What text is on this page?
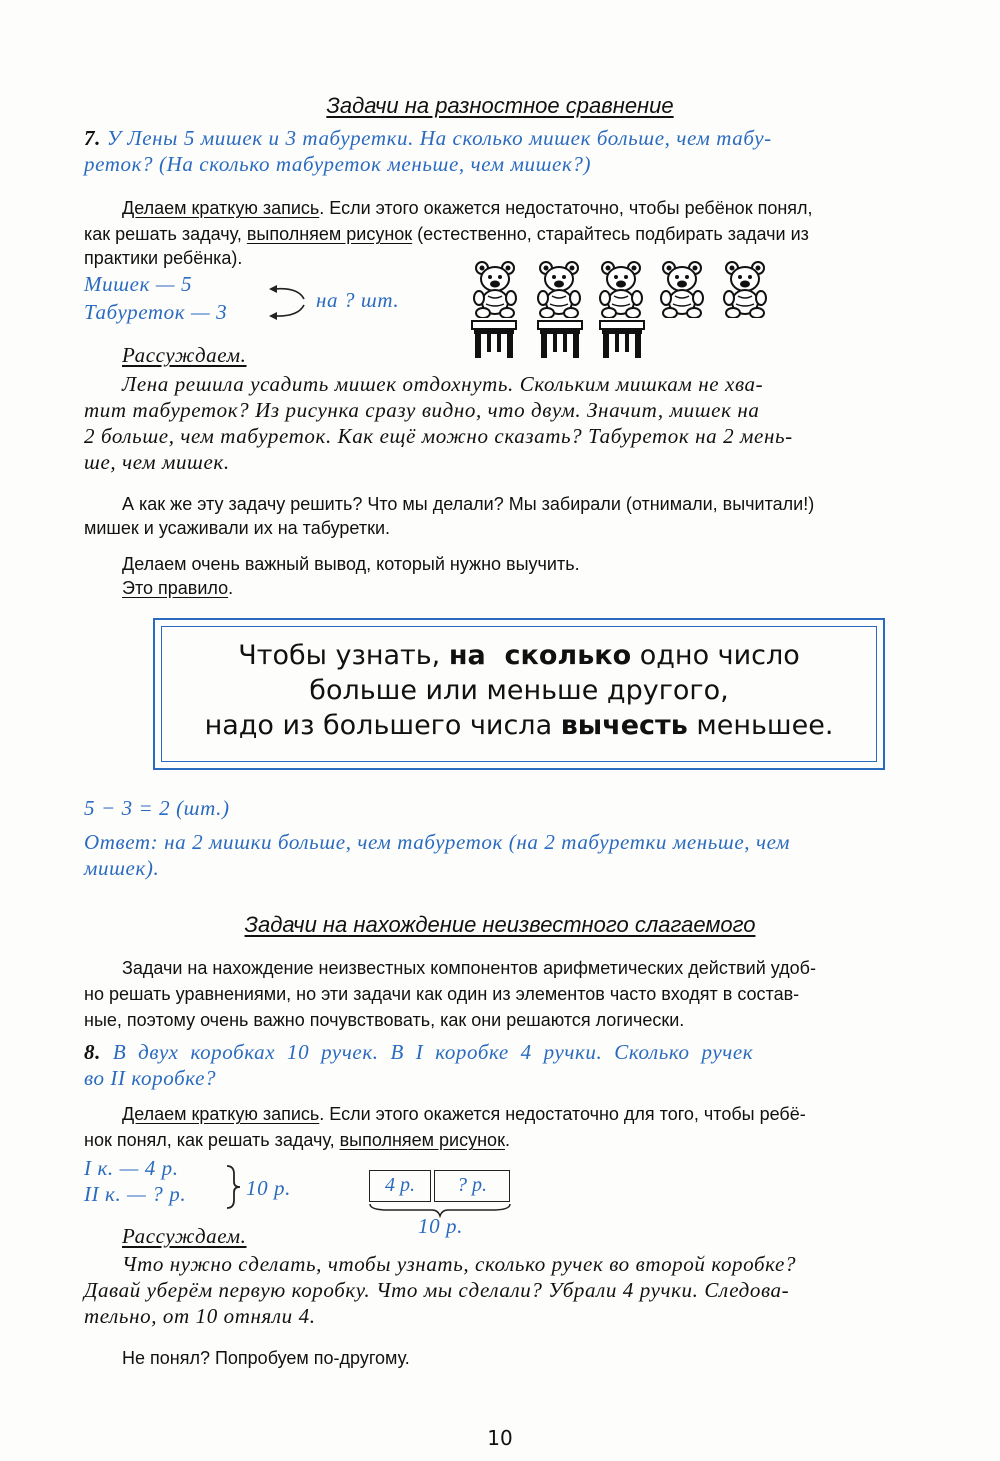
Задачи на разностное сравнение
7. У Лены 5 мишек и 3 табуретки. На сколько мишек больше, чем табу-
реток? (На сколько табуреток меньше, чем мишек?)
Делаем краткую запись. Если этого окажется недостаточно, чтобы ребёнок понял,
как решать задачу, выполняем рисунок (естественно, старайтесь подбирать задачи из
практики ребёнка).
Мишек — 5
Табуреток — 3	на ? шт.
Рассуждаем.
Лена решила усадить мишек отдохнуть. Скольким мишкам не хва-
тит табуреток? Из рисунка сразу видно, что двум. Значит, мишек на
2 больше, чем табуреток. Как ещё можно сказать? Табуреток на 2 мень-
ше, чем мишек.
А как же эту задачу решить? Что мы делали? Мы забирали (отнимали, вычитали!)
мишек и усаживали их на табуретки.
Делаем очень важный вывод, который нужно выучить.
Это правило.
Чтобы узнать, на  сколько одно число
больше или меньше другого,
надо из большего числа вычесть меньшее.
5 − 3 = 2 (шт.)
Ответ: на 2 мишки больше, чем табуреток (на 2 табуретки меньше, чем
мишек).
Задачи на нахождение неизвестного слагаемого
Задачи на нахождение неизвестных компонентов арифметических действий удоб-
но решать уравнениями, но эти задачи как один из элементов часто входят в состав-
ные, поэтому очень важно почувствовать, как они решаются логически.
8. В двух коробках 10 ручек. В I коробке 4 ручки. Сколько ручек
во II коробке?
Делаем краткую запись. Если этого окажется недостаточно для того, чтобы ребё-
нок понял, как решать задачу, выполняем рисунок.
I к. — 4 р.
II к. — ? р.	10 р.	4 р.	? р.
10 р.
Рассуждаем.
Что нужно сделать, чтобы узнать, сколько ручек во второй коробке?
Давай уберём первую коробку. Что мы сделали? Убрали 4 ручки. Следова-
тельно, от 10 отняли 4.
Не понял? Попробуем по-другому.
10
